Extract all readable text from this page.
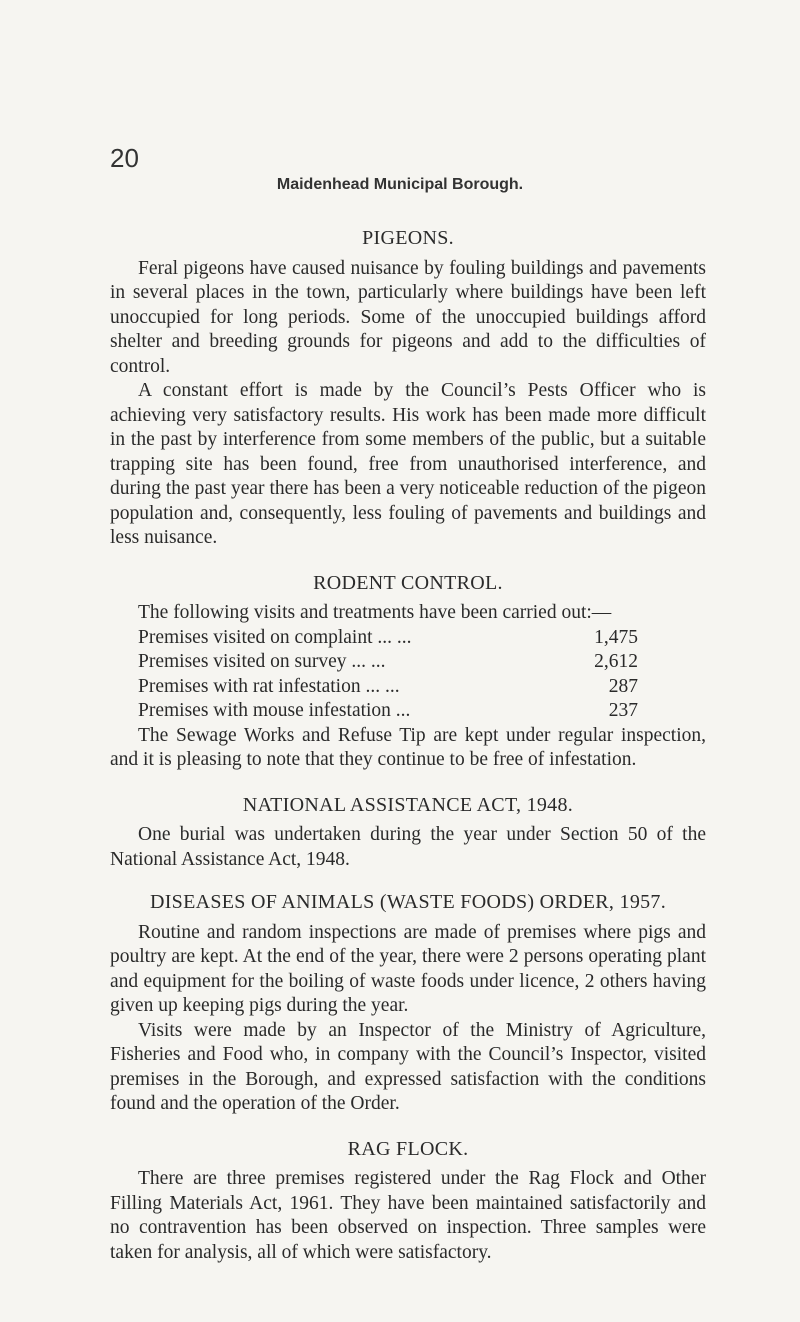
20
Maidenhead Municipal Borough.
PIGEONS.

Feral pigeons have caused nuisance by fouling buildings and pavements in several places in the town, particularly where buildings have been left unoccupied for long periods. Some of the unoccupied buildings afford shelter and breeding grounds for pigeons and add to the difficulties of control.

A constant effort is made by the Council’s Pests Officer who is achieving very satisfactory results. His work has been made more difficult in the past by interference from some members of the public, but a suitable trapping site has been found, free from unauthorised interference, and during the past year there has been a very noticeable reduction of the pigeon population and, consequently, less fouling of pavements and buildings and less nuisance.

RODENT CONTROL.

The following visits and treatments have been carried out:—

Premises visited on complaint ... ...	1,475
Premises visited on survey ... ...	2,612
Premises with rat infestation ... ...	287
Premises with mouse infestation ...	237

The Sewage Works and Refuse Tip are kept under regular inspection, and it is pleasing to note that they continue to be free of infestation.

NATIONAL ASSISTANCE ACT, 1948.

One burial was undertaken during the year under Section 50 of the National Assistance Act, 1948.

DISEASES OF ANIMALS (WASTE FOODS) ORDER, 1957.

Routine and random inspections are made of premises where pigs and poultry are kept. At the end of the year, there were 2 persons operating plant and equipment for the boiling of waste foods under licence, 2 others having given up keeping pigs during the year.

Visits were made by an Inspector of the Ministry of Agriculture, Fisheries and Food who, in company with the Council’s Inspector, visited premises in the Borough, and expressed satisfaction with the conditions found and the operation of the Order.

RAG FLOCK.

There are three premises registered under the Rag Flock and Other Filling Materials Act, 1961. They have been maintained satisfactorily and no contravention has been observed on inspection. Three samples were taken for analysis, all of which were satisfactory.
